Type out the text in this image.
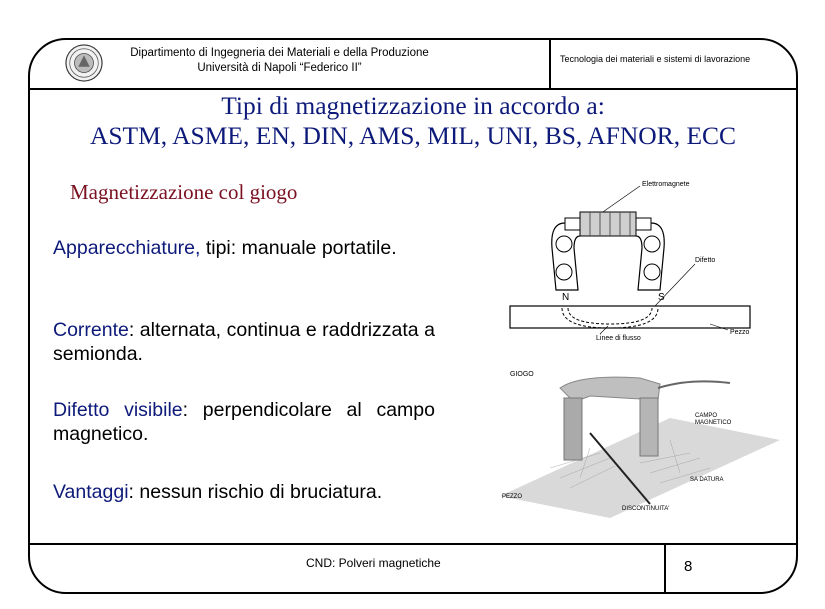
Dipartimento di Ingegneria dei Materiali e della Produzione
Università di Napoli “Federico II”
Tecnologia dei materiali e sistemi di lavorazione
Tipi di magnetizzazione in accordo a:
ASTM, ASME, EN, DIN, AMS, MIL, UNI, BS, AFNOR, ECC
Magnetizzazione col giogo
Apparecchiature, tipi: manuale portatile.
Corrente: alternata, continua e raddrizzata a semionda.
Difetto visibile: perpendicolare al campo magnetico.
Vantaggi: nessun rischio di bruciatura.
Elettromagnete
N	S
Difetto
Pezzo
Linee di flusso
GIOGO
CAMPO
MAGNETICO
SA DATURA
PEZZO
DISCONTINUITA'
CND: Polveri magnetiche	8
